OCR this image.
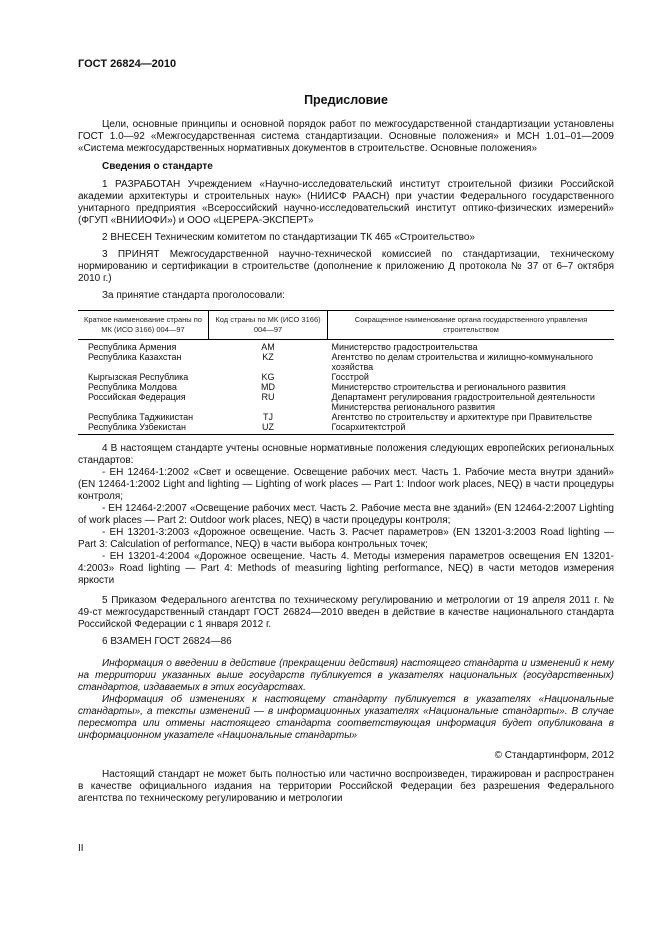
ГОСТ 26824—2010
Предисловие

Цели, основные принципы и основной порядок работ по межгосударственной стандартизации установлены ГОСТ 1.0—92 «Межгосударственная система стандартизации. Основные положения» и МСН 1.01–01—2009 «Система межгосударственных нормативных документов в строительстве. Основные положения»

Сведения о стандарте

1 РАЗРАБОТАН Учреждением «Научно-исследовательский институт строительной физики Российской академии архитектуры и строительных наук» (НИИСФ РААСН) при участии Федерального государственного унитарного предприятия «Всероссийский научно-исследовательский институт оптико-физических измерений» (ФГУП «ВНИИОФИ») и ООО «ЦЕРЕРА-ЭКСПЕРТ»

2 ВНЕСЕН Техническим комитетом по стандартизации ТК 465 «Строительство»

3 ПРИНЯТ Межгосударственной научно-технической комиссией по стандартизации, техническому нормированию и сертификации в строительстве (дополнение к приложению Д протокола № 37 от 6–7 октября 2010 г.)

За принятие стандарта проголосовали:

Краткое наименование страны по МК (ИСО 3166) 004—97	Код страны по МК (ИСО 3166) 004—97	Сокращенное наименование органа государственного управления строительством
Республика Армения	AM	Министерство градостроительства
Республика Казахстан	KZ	Агентство по делам строительства и жилищно-коммунального хозяйства
Кыргызская Республика	KG	Госстрой
Республика Молдова	MD	Министерство строительства и регионального развития
Российская Федерация	RU	Департамент регулирования градостроительной деятельности Министерства регионального развития
Республика Таджикистан	TJ	Агентство по строительству и архитектуре при Правительстве
Республика Узбекистан	UZ	Госархитектстрой

4 В настоящем стандарте учтены основные нормативные положения следующих европейских региональных стандартов:

- ЕН 12464-1:2002 «Свет и освещение. Освещение рабочих мест. Часть 1. Рабочие места внутри зданий» (EN 12464-1:2002 Light and lighting — Lighting of work places — Part 1: Indoor work places, NEQ) в части процедуры контроля;

- ЕН 12464-2:2007 «Освещение рабочих мест. Часть 2. Рабочие места вне зданий» (EN 12464-2:2007 Lighting of work places — Part 2: Outdoor work places, NEQ) в части процедуры контроля;

- ЕН 13201-3:2003 «Дорожное освещение. Часть 3. Расчет параметров» (EN 13201-3:2003 Road lighting — Part 3: Calculation of performance, NEQ) в части выбора контрольных точек;

- ЕН 13201-4:2004 «Дорожное освещение. Часть 4. Методы измерения параметров освещения EN 13201-4:2003» Road lighting — Part 4: Methods of measuring lighting performance, NEQ) в части методов измерения яркости

5 Приказом Федерального агентства по техническому регулированию и метрологии от 19 апреля 2011 г. № 49-ст межгосударственный стандарт ГОСТ 26824—2010 введен в действие в качестве национального стандарта Российской Федерации с 1 января 2012 г.

6 ВЗАМЕН ГОСТ 26824—86

Информация о введении в действие (прекращении действия) настоящего стандарта и изменений к нему на территории указанных выше государств публикуется в указателях национальных (государственных) стандартов, издаваемых в этих государствах.

Информация об изменениях к настоящему стандарту публикуется в указателях «Национальные стандарты», а тексты изменений — в информационных указателях «Национальные стандарты». В случае пересмотра или отмены настоящего стандарта соответствующая информация будет опубликована в информационном указателе «Национальные стандарты»

© Стандартинформ, 2012

Настоящий стандарт не может быть полностью или частично воспроизведен, тиражирован и распространен в качестве официального издания на территории Российской Федерации без разрешения Федерального агентства по техническому регулированию и метрологии

II
